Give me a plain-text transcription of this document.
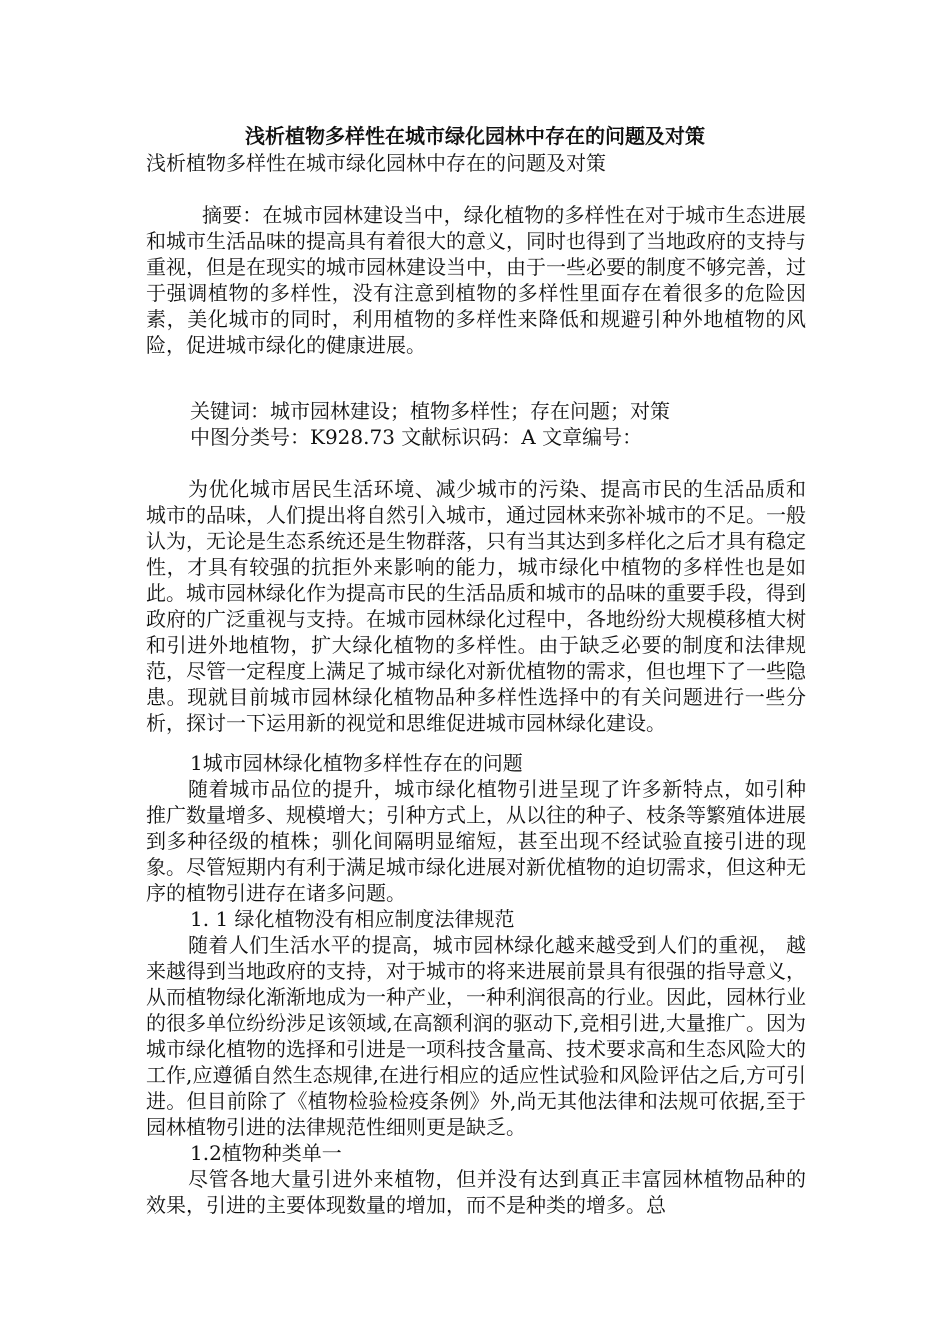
浅析植物多样性在城市绿化园林中存在的问题及对策

浅析植物多样性在城市绿化园林中存在的问题及对策

摘要：在城市园林建设当中，绿化植物的多样性在对于城市生态进展和城市生活品味的提高具有着很大的意义，同时也得到了当地政府的支持与重视，但是在现实的城市园林建设当中，由于一些必要的制度不够完善，过于强调植物的多样性，没有注意到植物的多样性里面存在着很多的危险因素，美化城市的同时，利用植物的多样性来降低和规避引种外地植物的风险，促进城市绿化的健康进展。

关键词：城市园林建设；植物多样性；存在问题；对策

中图分类号：K928.73 文献标识码：A 文章编号：

为优化城市居民生活环境、减少城市的污染、提高市民的生活品质和城市的品味，人们提出将自然引入城市，通过园林来弥补城市的不足。一般认为，无论是生态系统还是生物群落，只有当其达到多样化之后才具有稳定性，才具有较强的抗拒外来影响的能力，城市绿化中植物的多样性也是如此。城市园林绿化作为提高市民的生活品质和城市的品味的重要手段，得到政府的广泛重视与支持。在城市园林绿化过程中，各地纷纷大规模移植大树和引进外地植物，扩大绿化植物的多样性。由于缺乏必要的制度和法律规范，尽管一定程度上满足了城市绿化对新优植物的需求，但也埋下了一些隐患。现就目前城市园林绿化植物品种多样性选择中的有关问题进行一些分析，探讨一下运用新的视觉和思维促进城市园林绿化建设。

1城市园林绿化植物多样性存在的问题

随着城市品位的提升，城市绿化植物引进呈现了许多新特点，如引种推广数量增多、规模增大；引种方式上，从以往的种子、枝条等繁殖体进展到多种径级的植株；驯化间隔明显缩短，甚至出现不经试验直接引进的现象。尽管短期内有利于满足城市绿化进展对新优植物的迫切需求，但这种无序的植物引进存在诸多问题。

1. 1 绿化植物没有相应制度法律规范

随着人们生活水平的提高，城市园林绿化越来越受到人们的重视， 越来越得到当地政府的支持，对于城市的将来进展前景具有很强的指导意义，从而植物绿化渐渐地成为一种产业，一种利润很高的行业。因此，园林行业的很多单位纷纷涉足该领域,在高额利润的驱动下,竞相引进,大量推广。因为城市绿化植物的选择和引进是一项科技含量高、技术要求高和生态风险大的工作,应遵循自然生态规律,在进行相应的适应性试验和风险评估之后,方可引进。但目前除了《植物检验检疫条例》外,尚无其他法律和法规可依据,至于园林植物引进的法律规范性细则更是缺乏。

1.2植物种类单一

尽管各地大量引进外来植物，但并没有达到真正丰富园林植物品种的效果，引进的主要体现数量的增加，而不是种类的增多。总
